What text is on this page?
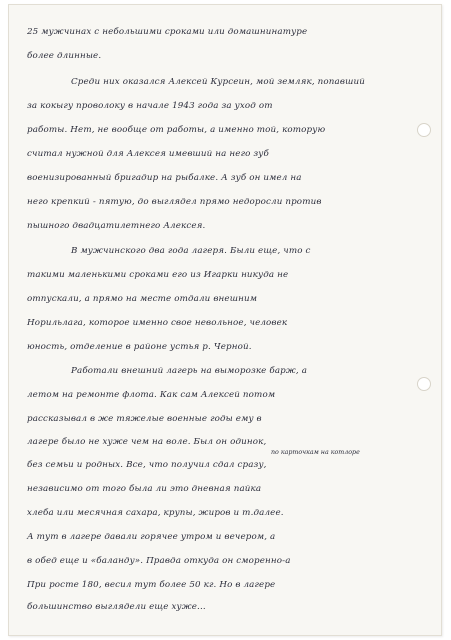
25 мужчинах с небольшими сроками или домашнинатуре
более длинные.
Среди них оказался Алексей Курсеин, мой земляк, попавший
за кокыгу проволоку в начале 1943 года за уход от
работы. Нет, не вообще от работы, а именно той, которую
считал нужной для Алексея имевший на него зуб
военизированный бригадир на рыбалке. А зуб он имел на
него крепкий - пятую, до выглядел прямо недоросли против
пышного двадцатилетнего Алексея.
В мужчинского два года лагеря. Были еще, что с
такими маленькими сроками его из Игарки никуда не
отпускали, а прямо на месте отдали внешним
Норильлага, которое именно свое невольное, человек
юность, отделение в районе устья р. Черной.
Работали внешний лагерь на выморозке барж, а
летом на ремонте флота. Как сам Алексей потом
рассказывал в же тяжелые военные годы ему в
лагере было не хуже чем на воле. Был он одинок,
по карточкам на котлоре
без семьи и родных. Все, что получил сдал сразу,
независимо от того была ли это дневная пайка
хлеба или месячная сахара, крупы, жиров и т.далее.
А тут в лагере давали горячее утром и вечером, а
в обед еще и «баланду». Правда откуда он сморенно-а
При росте 180, весил тут более 50 кг. Но в лагере
большинство выглядели еще хуже...
